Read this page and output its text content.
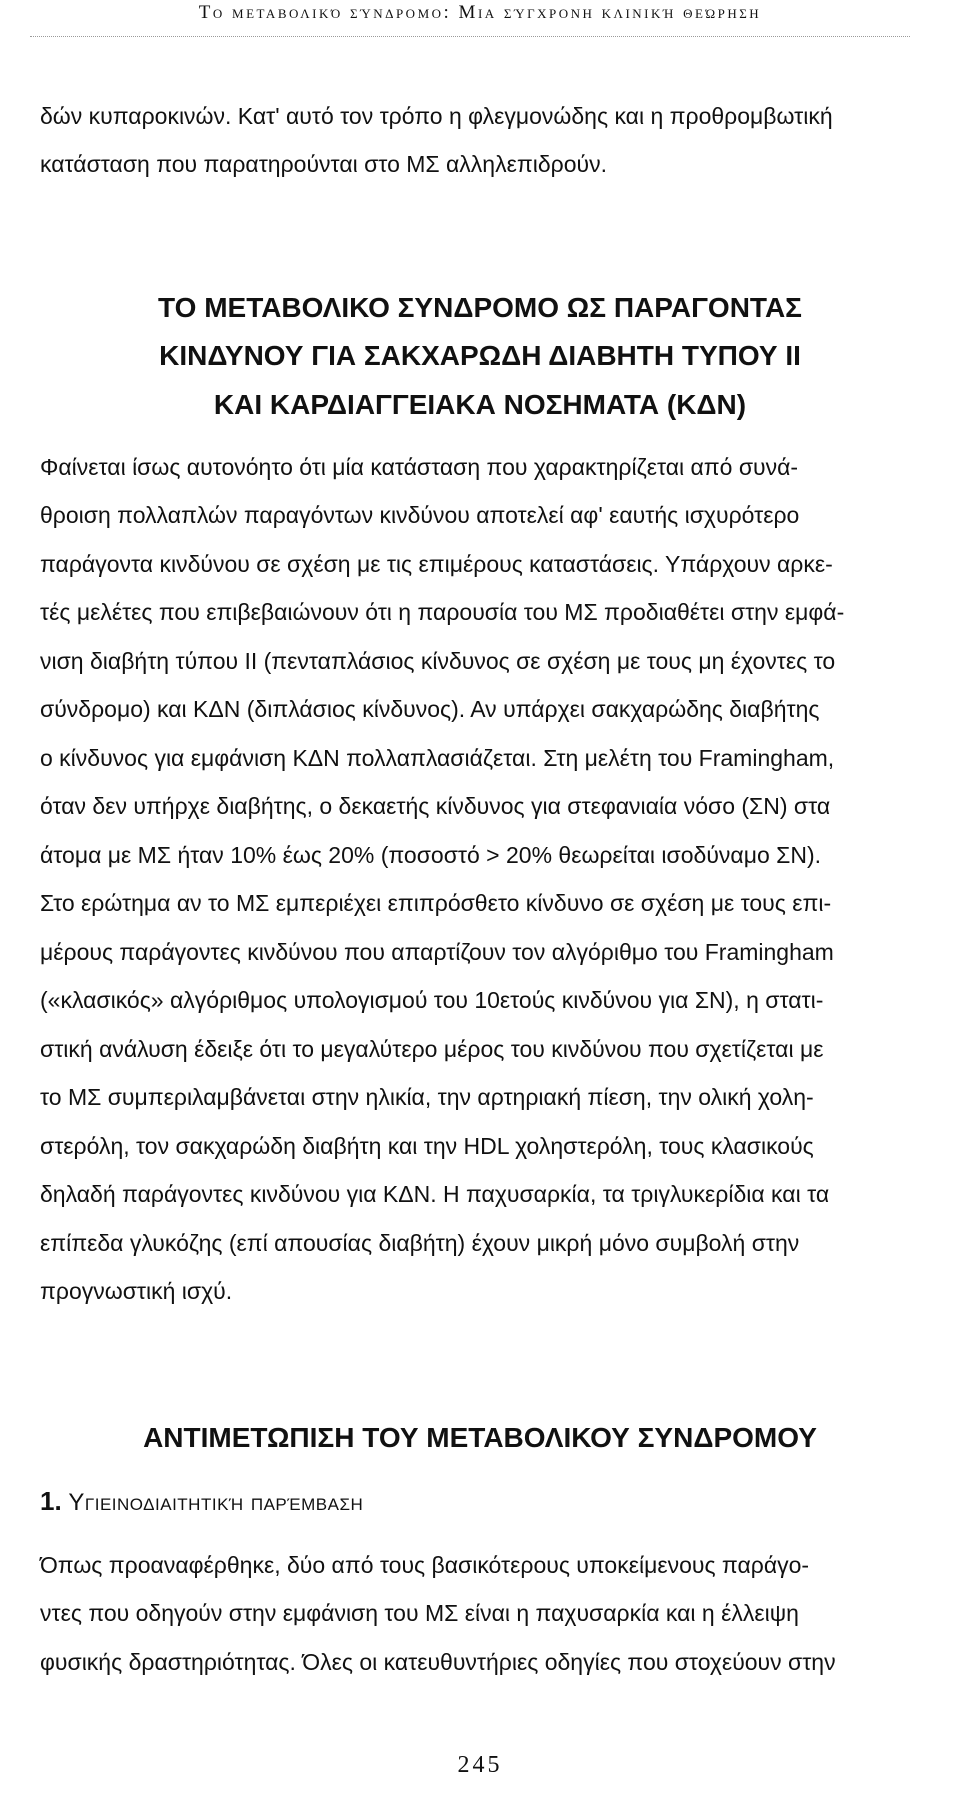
Το μεταβολικό σύνδρομο: Μια σύγχρονη κλινική θεώρηση
δών κυπαροκινών. Κατ' αυτό τον τρόπο η φλεγμονώδης και η προθρομβωτική
κατάσταση που παρατηρούνται στο ΜΣ αλληλεπιδρούν.
ΤΟ ΜΕΤΑΒΟΛΙΚΟ ΣΥΝΔΡΟΜΟ ΩΣ ΠΑΡΑΓΟΝΤΑΣ
ΚΙΝΔΥΝΟΥ ΓΙΑ ΣΑΚΧΑΡΩΔΗ ΔΙΑΒΗΤΗ ΤΥΠΟΥ ΙΙ
ΚΑΙ ΚΑΡΔΙΑΓΓΕΙΑΚΑ ΝΟΣΗΜΑΤΑ (ΚΔΝ)
Φαίνεται ίσως αυτονόητο ότι μία κατάσταση που χαρακτηρίζεται από συνά-
θροιση πολλαπλών παραγόντων κινδύνου αποτελεί αφ' εαυτής ισχυρότερο
παράγοντα κινδύνου σε σχέση με τις επιμέρους καταστάσεις. Υπάρχουν αρκε-
τές μελέτες που επιβεβαιώνουν ότι η παρουσία του ΜΣ προδιαθέτει στην εμφά-
νιση διαβήτη τύπου ΙΙ (πενταπλάσιος κίνδυνος σε σχέση με τους μη έχοντες το
σύνδρομο) και ΚΔΝ (διπλάσιος κίνδυνος). Αν υπάρχει σακχαρώδης διαβήτης
ο κίνδυνος για εμφάνιση ΚΔΝ πολλαπλασιάζεται. Στη μελέτη του Framingham,
όταν δεν υπήρχε διαβήτης, ο δεκαετής κίνδυνος για στεφανιαία νόσο (ΣΝ) στα
άτομα με ΜΣ ήταν 10% έως 20% (ποσοστό > 20% θεωρείται ισοδύναμο ΣΝ).
Στο ερώτημα αν το ΜΣ εμπεριέχει επιπρόσθετο κίνδυνο σε σχέση με τους επι-
μέρους παράγοντες κινδύνου που απαρτίζουν τον αλγόριθμο του Framingham
(«κλασικός» αλγόριθμος υπολογισμού του 10ετούς κινδύνου για ΣΝ), η στατι-
στική ανάλυση έδειξε ότι το μεγαλύτερο μέρος του κινδύνου που σχετίζεται με
το ΜΣ συμπεριλαμβάνεται στην ηλικία, την αρτηριακή πίεση, την ολική χολη-
στερόλη, τον σακχαρώδη διαβήτη και την HDL χοληστερόλη, τους κλασικούς
δηλαδή παράγοντες κινδύνου για ΚΔΝ. Η παχυσαρκία, τα τριγλυκερίδια και τα
επίπεδα γλυκόζης (επί απουσίας διαβήτη) έχουν μικρή μόνο συμβολή στην
προγνωστική ισχύ.
ΑΝΤΙΜΕΤΩΠΙΣΗ ΤΟΥ ΜΕΤΑΒΟΛΙΚΟΥ ΣΥΝΔΡΟΜΟΥ
1. Υγιεινοδιαιτητική παρέμβαση
Όπως προαναφέρθηκε, δύο από τους βασικότερους υποκείμενους παράγο-
ντες που οδηγούν στην εμφάνιση του ΜΣ είναι η παχυσαρκία και η έλλειψη
φυσικής δραστηριότητας. Όλες οι κατευθυντήριες οδηγίες που στοχεύουν στην
245
